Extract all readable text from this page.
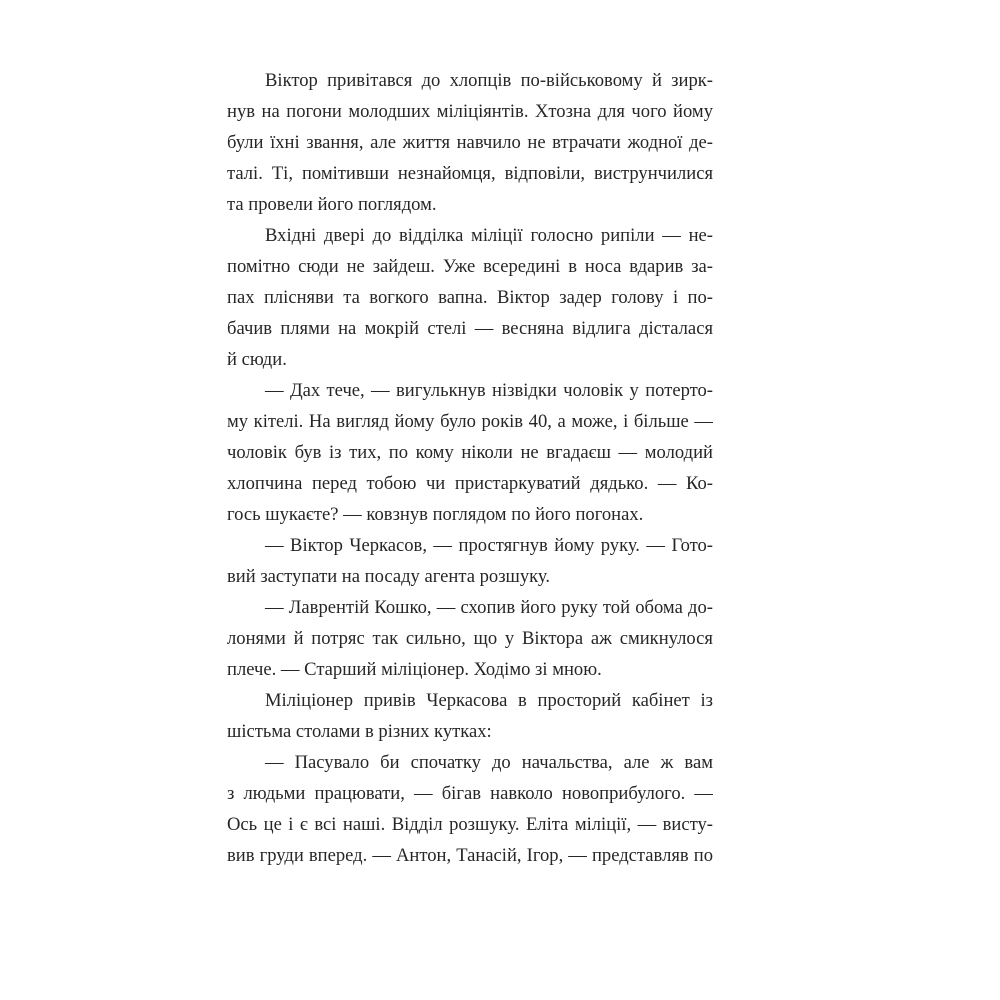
Віктор привітався до хлопців по-військовому й зирк-
нув на погони молодших міліціянтів. Хтозна для чого йому
були їхні звання, але життя навчило не втрачати жодної де-
талі. Ті, помітивши незнайомця, відповіли, виструнчилися
та провели його поглядом.
Вхідні двері до відділка міліції голосно рипіли — не-
помітно сюди не зайдеш. Уже всередині в носа вдарив за-
пах плісняви та вогкого вапна. Віктор задер голову і по-
бачив плями на мокрій стелі — весняна відлига дісталася
й сюди.
— Дах тече, — вигулькнув нізвідки чоловік у потерто-
му кітелі. На вигляд йому було років 40, а може, і більше —
чоловік був із тих, по кому ніколи не вгадаєш — молодий
хлопчина перед тобою чи пристаркуватий дядько. — Ко-
гось шукаєте? — ковзнув поглядом по його погонах.
— Віктор Черкасов, — простягнув йому руку. — Гото-
вий заступати на посаду агента розшуку.
— Лаврентій Кошко, — схопив його руку той обома до-
лонями й потряс так сильно, що у Віктора аж смикнулося
плече. — Старший міліціонер. Ходімо зі мною.
Міліціонер привів Черкасова в просторий кабінет із
шістьма столами в різних кутках:
— Пасувало би спочатку до начальства, але ж вам
з людьми працювати, — бігав навколо новоприбулого. —
Ось це і є всі наші. Відділ розшуку. Еліта міліції, — висту-
вив груди вперед. — Антон, Танасій, Ігор, — представляв по
